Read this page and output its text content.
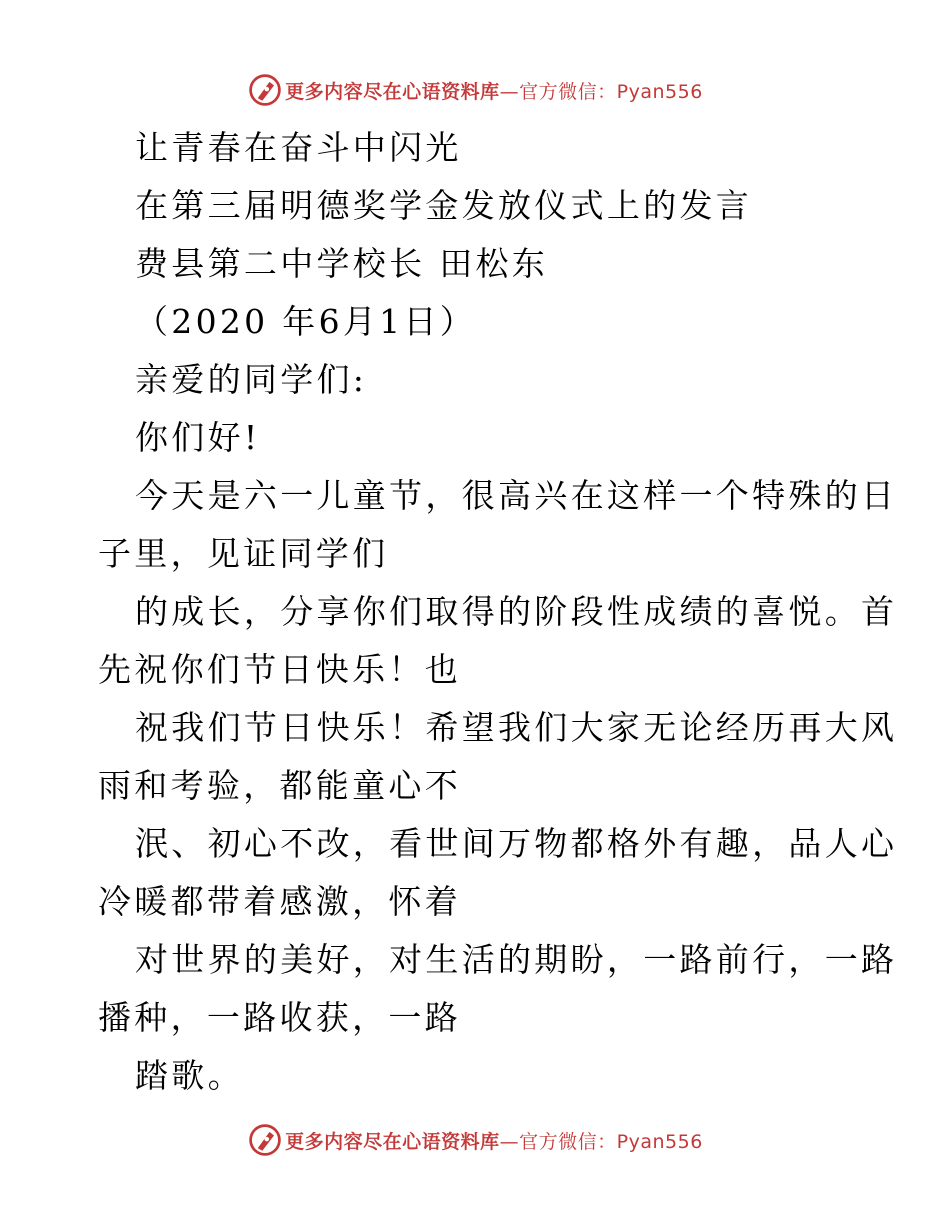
更多内容尽在心语资料库 —官方微信：Pyan556
让青春在奋斗中闪光
在第三届明德奖学金发放仪式上的发言
费县第二中学校长 田松东
（2020 年6月1日）
亲爱的同学们:
你们好!
今天是六一儿童节，很高兴在这样一个特殊的日
子里，见证同学们
的成长，分享你们取得的阶段性成绩的喜悦。首
先祝你们节日快乐！也
祝我们节日快乐！希望我们大家无论经历再大风
雨和考验，都能童心不
泯、初心不改，看世间万物都格外有趣，品人心
冷暖都带着感激，怀着
对世界的美好，对生活的期盼，一路前行，一路
播种，一路收获，一路
踏歌。
更多内容尽在心语资料库 —官方微信：Pyan556
